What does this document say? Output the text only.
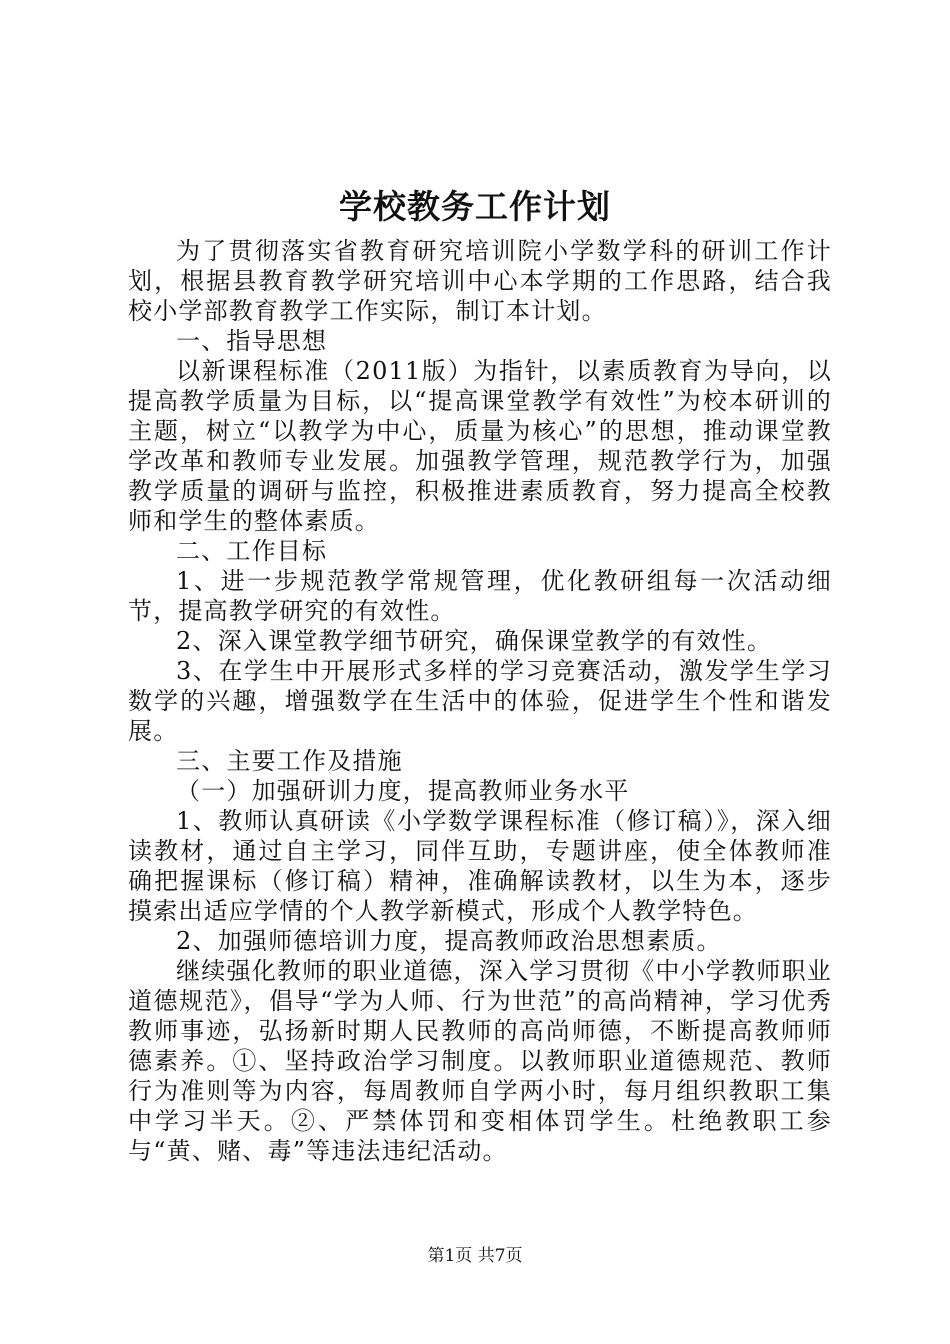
学校教务工作计划

为了贯彻落实省教育研究培训院小学数学科的研训工作计划，根据县教育教学研究培训中心本学期的工作思路，结合我校小学部教育教学工作实际，制订本计划。

一、指导思想

以新课程标准（2011版）为指针，以素质教育为导向，以提高教学质量为目标，以“提高课堂教学有效性”为校本研训的主题，树立“以教学为中心，质量为核心”的思想，推动课堂教学改革和教师专业发展。加强教学管理，规范教学行为，加强教学质量的调研与监控，积极推进素质教育，努力提高全校教师和学生的整体素质。

二、工作目标

1、进一步规范教学常规管理，优化教研组每一次活动细节，提高教学研究的有效性。

2、深入课堂教学细节研究，确保课堂教学的有效性。

3、在学生中开展形式多样的学习竞赛活动，激发学生学习数学的兴趣，增强数学在生活中的体验，促进学生个性和谐发展。

三、主要工作及措施

（一）加强研训力度，提高教师业务水平

1、教师认真研读《小学数学课程标准（修订稿）》，深入细读教材，通过自主学习，同伴互助，专题讲座，使全体教师准确把握课标（修订稿）精神，准确解读教材，以生为本，逐步摸索出适应学情的个人教学新模式，形成个人教学特色。

2、加强师德培训力度，提高教师政治思想素质。

继续强化教师的职业道德，深入学习贯彻《中小学教师职业道德规范》，倡导“学为人师、行为世范”的高尚精神，学习优秀教师事迹，弘扬新时期人民教师的高尚师德，不断提高教师师德素养。①、坚持政治学习制度。以教师职业道德规范、教师行为准则等为内容，每周教师自学两小时，每月组织教职工集中学习半天。②、严禁体罚和变相体罚学生。杜绝教职工参与“黄、赌、毒”等违法违纪活动。

第1页 共7页
